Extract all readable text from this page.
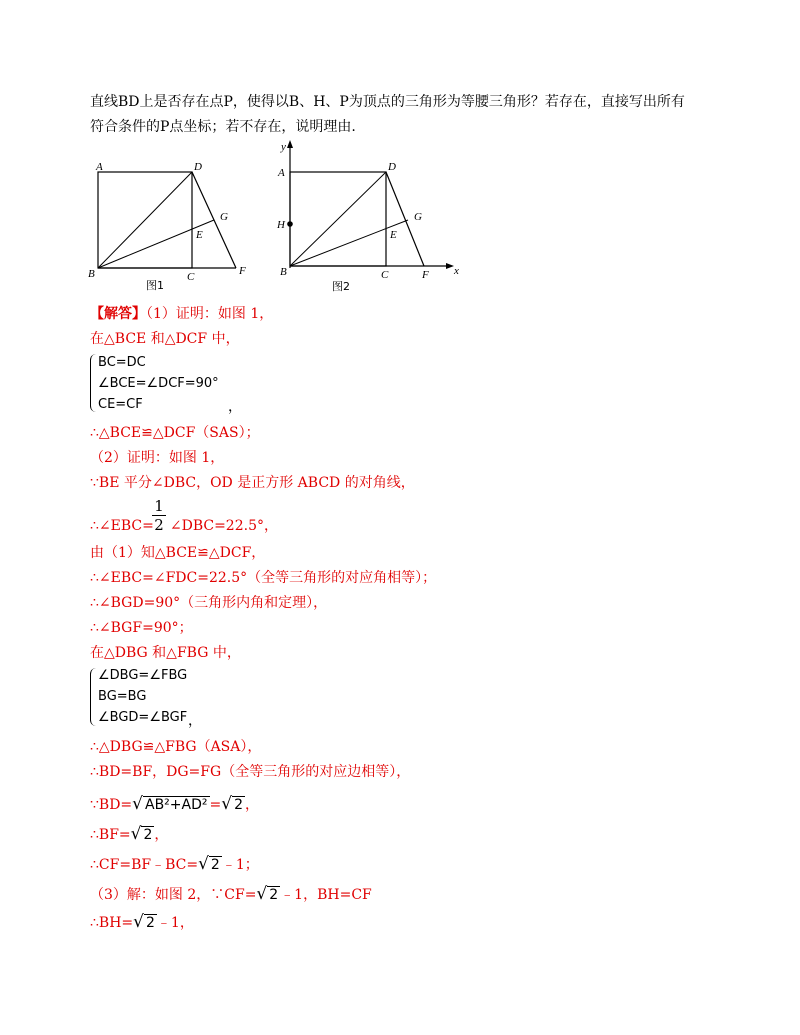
直线BD上是否存在点P，使得以B、H、P为顶点的三角形为等腰三角形？若存在，直接写出所有
符合条件的P点坐标；若不存在，说明理由.
A	D
G
E
B	C	F
图1
y
A	D
H
G
E
B	C	F x
图2
【解答】（1）证明：如图 1，
在△BCE 和△DCF 中，
BC=DC
∠BCE=∠DCF=90°
CE=CF	，
∴△BCE≌△DCF（SAS）；
（2）证明：如图 1，
∵BE 平分∠DBC，OD 是正方形 ABCD 的对角线，
1
2
∴∠EBC= ∠DBC=22.5°，
由（1）知△BCE≌△DCF，
∴∠EBC=∠FDC=22.5°（全等三角形的对应角相等）；
∴∠BGD=90°（三角形内角和定理），
∴∠BGF=90°；
在△DBG 和△FBG 中，
∠DBG=∠FBG
BG=BG
∠BGD=∠BGF ，
∴△DBG≌△FBG（ASA），
∴BD=BF，DG=FG（全等三角形的对应边相等），
∵BD=√ AB²+AD² =√ 2 ，
∴BF=√ 2 ，
∴CF=BF﹣BC=√ 2 ﹣1；
（3）解：如图 2，∵CF=√ 2 ﹣1，BH=CF
∴BH=√ 2 ﹣1，
